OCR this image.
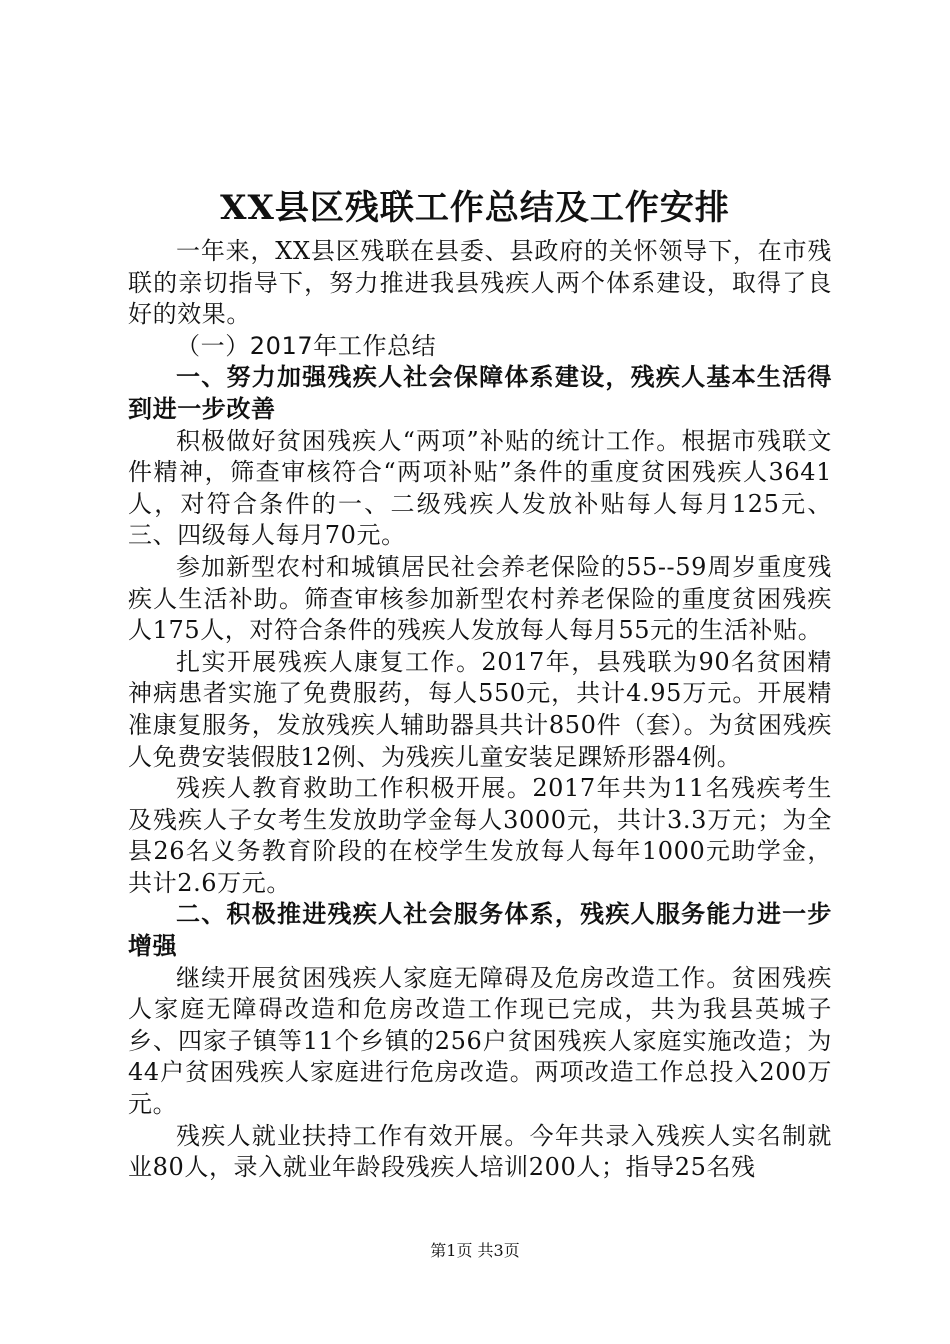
XX县区残联工作总结及工作安排

一年来，XX县区残联在县委、县政府的关怀领导下，在市残联的亲切指导下，努力推进我县残疾人两个体系建设，取得了良好的效果。

（一）2017年工作总结

一、努力加强残疾人社会保障体系建设，残疾人基本生活得到进一步改善

积极做好贫困残疾人“两项”补贴的统计工作。根据市残联文件精神，筛查审核符合“两项补贴”条件的重度贫困残疾人3641人，对符合条件的一、二级残疾人发放补贴每人每月125元、三、四级每人每月70元。

参加新型农村和城镇居民社会养老保险的55--59周岁重度残疾人生活补助。筛查审核参加新型农村养老保险的重度贫困残疾人175人，对符合条件的残疾人发放每人每月55元的生活补贴。

扎实开展残疾人康复工作。2017年，县残联为90名贫困精神病患者实施了免费服药，每人550元，共计4.95万元。开展精准康复服务，发放残疾人辅助器具共计850件（套）。为贫困残疾人免费安装假肢12例、为残疾儿童安装足踝矫形器4例。

残疾人教育救助工作积极开展。2017年共为11名残疾考生及残疾人子女考生发放助学金每人3000元，共计3.3万元；为全县26名义务教育阶段的在校学生发放每人每年1000元助学金，共计2.6万元。

二、积极推进残疾人社会服务体系，残疾人服务能力进一步增强

继续开展贫困残疾人家庭无障碍及危房改造工作。贫困残疾人家庭无障碍改造和危房改造工作现已完成，共为我县英城子乡、四家子镇等11个乡镇的256户贫困残疾人家庭实施改造；为44户贫困残疾人家庭进行危房改造。两项改造工作总投入200万元。

残疾人就业扶持工作有效开展。今年共录入残疾人实名制就业80人，录入就业年龄段残疾人培训200人；指导25名残

第1页 共3页
